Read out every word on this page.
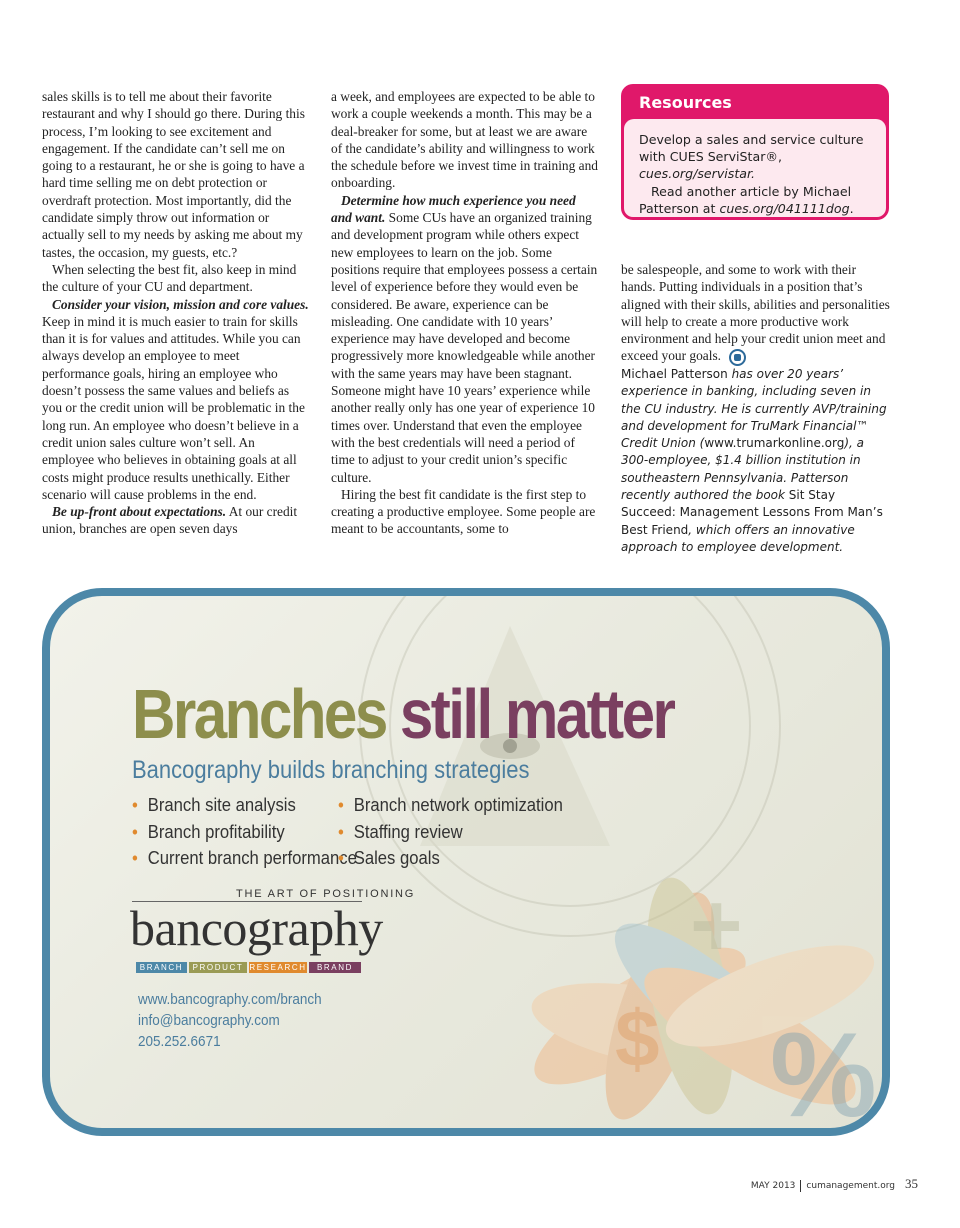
sales skills is to tell me about their favorite restaurant and why I should go there. During this process, I’m looking to see excitement and engagement. If the candidate can’t sell me on going to a restaurant, he or she is going to have a hard time selling me on debt protection or overdraft protection. Most importantly, did the candidate simply throw out information or actually sell to my needs by asking me about my tastes, the occasion, my guests, etc.?

When selecting the best fit, also keep in mind the culture of your CU and department.

Consider your vision, mission and core values. Keep in mind it is much easier to train for skills than it is for values and attitudes. While you can always develop an employee to meet performance goals, hiring an employee who doesn’t possess the same values and beliefs as you or the credit union will be problematic in the long run. An employee who doesn’t believe in a credit union sales culture won’t sell. An employee who believes in obtaining goals at all costs might produce results unethically. Either scenario will cause problems in the end.

Be up-front about expectations. At our credit union, branches are open seven days

a week, and employees are expected to be able to work a couple weekends a month. This may be a deal-breaker for some, but at least we are aware of the candidate’s ability and willingness to work the schedule before we invest time in training and onboarding.

Determine how much experience you need and want. Some CUs have an organized training and development program while others expect new employees to learn on the job. Some positions require that employees possess a certain level of experience before they would even be considered. Be aware, experience can be misleading. One candidate with 10 years’ experience may have developed and become progressively more knowledgeable while another with the same years may have been stagnant. Someone might have 10 years’ experience while another really only has one year of experience 10 times over. Understand that even the employee with the best credentials will need a period of time to adjust to your credit union’s specific culture.

Hiring the best fit candidate is the first step to creating a productive employee. Some people are meant to be accountants, some to

Resources

Develop a sales and service culture with CUES ServiStar®, cues.org/servistar.

Read another article by Michael Patterson at cues.org/041111dog.

be salespeople, and some to work with their hands. Putting individuals in a position that’s aligned with their skills, abilities and personalities will help to create a more productive work environment and help your credit union meet and exceed your goals.

Michael Patterson has over 20 years’ experience in banking, including seven in the CU industry. He is currently AVP/training and development for TruMark Financial™ Credit Union (www.trumarkonline.org), a 300-employee, $1.4 billion institution in southeastern Pennsylvania. Patterson recently authored the book Sit Stay Succeed: Management Lessons From Man’s Best Friend, which offers an innovative approach to employee development.

$
+
%
Branches still matter
Bancography builds branching strategies
• Branch site analysis
• Branch profitability
• Current branch performance
• Branch network optimization
• Staffing review
• Sales goals
THE ART OF POSITIONING
bancography
BRANCH	PRODUCT RESEARCH	BRAND
www.bancography.com/branch
info@bancography.com
205.252.6671
MAY 2013 cumanagement.org 35
